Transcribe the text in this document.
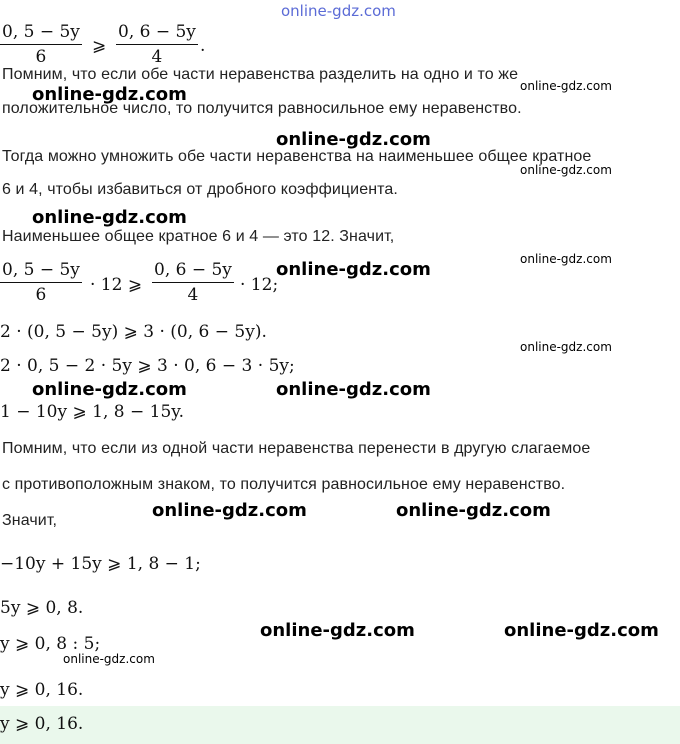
online-gdz.com
$\frac{0, 5 - 5y}{6}$ ⩾ $\frac{0, 6 - 5y}{4}$ .
Помним, что если обе части неравенства разделить на одно и то же
online-gdz.com
online-gdz.com
положительное число, то получится равносильное ему неравенство.
online-gdz.com
Тогда можно умножить обе части неравенства на наименьшее общее кратное
online-gdz.com
6 и 4, чтобы избавиться от дробного коэффициента.
online-gdz.com
Наименьшее общее кратное 6 и 4 — это 12. Значит,
$\frac{0, 5 - 5y}{6} \cdot 12$ ⩾ $\frac{0, 6 - 5y}{4} \cdot 12$;
online-gdz.com	online-gdz.com
2 · (0, 5 − 5y) ⩾ 3 · (0, 6 − 5y).
online-gdz.com
2 · 0, 5 − 2 · 5y ⩾ 3 · 0, 6 − 3 · 5y;
online-gdz.com	online-gdz.com
1 − 10y ⩾ 1, 8 − 15y.
Помним, что если из одной части неравенства перенести в другую слагаемое
с противоположным знаком, то получится равносильное ему неравенство.
Значит,	online-gdz.com	online-gdz.com
−10y + 15y ⩾ 1, 8 − 1;
5y ⩾ 0, 8.
online-gdz.com	online-gdz.com
y ⩾ 0, 8 : 5;
online-gdz.com
y ⩾ 0, 16.
y ⩾ 0, 16.
